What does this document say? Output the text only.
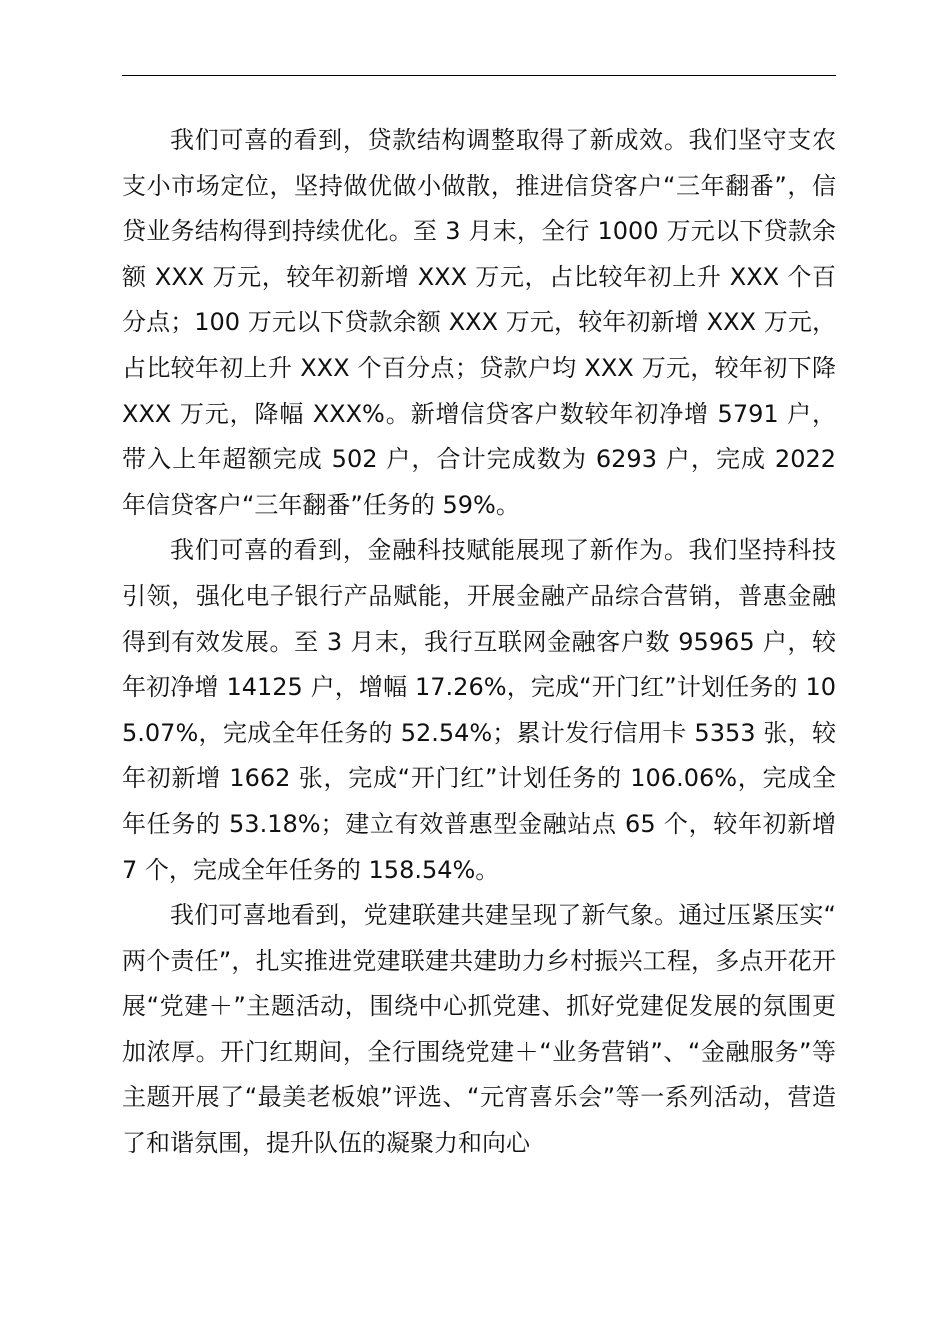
我们可喜的看到，贷款结构调整取得了新成效。我们坚守支农支小市场定位，坚持做优做小做散，推进信贷客户“三年翻番”，信贷业务结构得到持续优化。至 3 月末，全行 1000 万元以下贷款余额 XXX 万元，较年初新增 XXX 万元，占比较年初上升 XXX 个百分点；100 万元以下贷款余额 XXX 万元，较年初新增 XXX 万元，占比较年初上升 XXX 个百分点；贷款户均 XXX 万元，较年初下降 XXX 万元，降幅 XXX%。新增信贷客户数较年初净增 5791 户，带入上年超额完成 502 户，合计完成数为 6293 户，完成 2022 年信贷客户“三年翻番”任务的 59%。

我们可喜的看到，金融科技赋能展现了新作为。我们坚持科技引领，强化电子银行产品赋能，开展金融产品综合营销，普惠金融得到有效发展。至 3 月末，我行互联网金融客户数 95965 户，较年初净增 14125 户，增幅 17.26%，完成“开门红”计划任务的 105.07%，完成全年任务的 52.54%；累计发行信用卡 5353 张，较年初新增 1662 张，完成“开门红”计划任务的 106.06%，完成全年任务的 53.18%；建立有效普惠型金融站点 65 个，较年初新增 7 个，完成全年任务的 158.54%。

我们可喜地看到，党建联建共建呈现了新气象。通过压紧压实“两个责任”，扎实推进党建联建共建助力乡村振兴工程，多点开花开展“党建＋”主题活动，围绕中心抓党建、抓好党建促发展的氛围更加浓厚。开门红期间，全行围绕党建＋“业务营销”、“金融服务”等主题开展了“最美老板娘”评选、“元宵喜乐会”等一系列活动，营造了和谐氛围，提升队伍的凝聚力和向心
